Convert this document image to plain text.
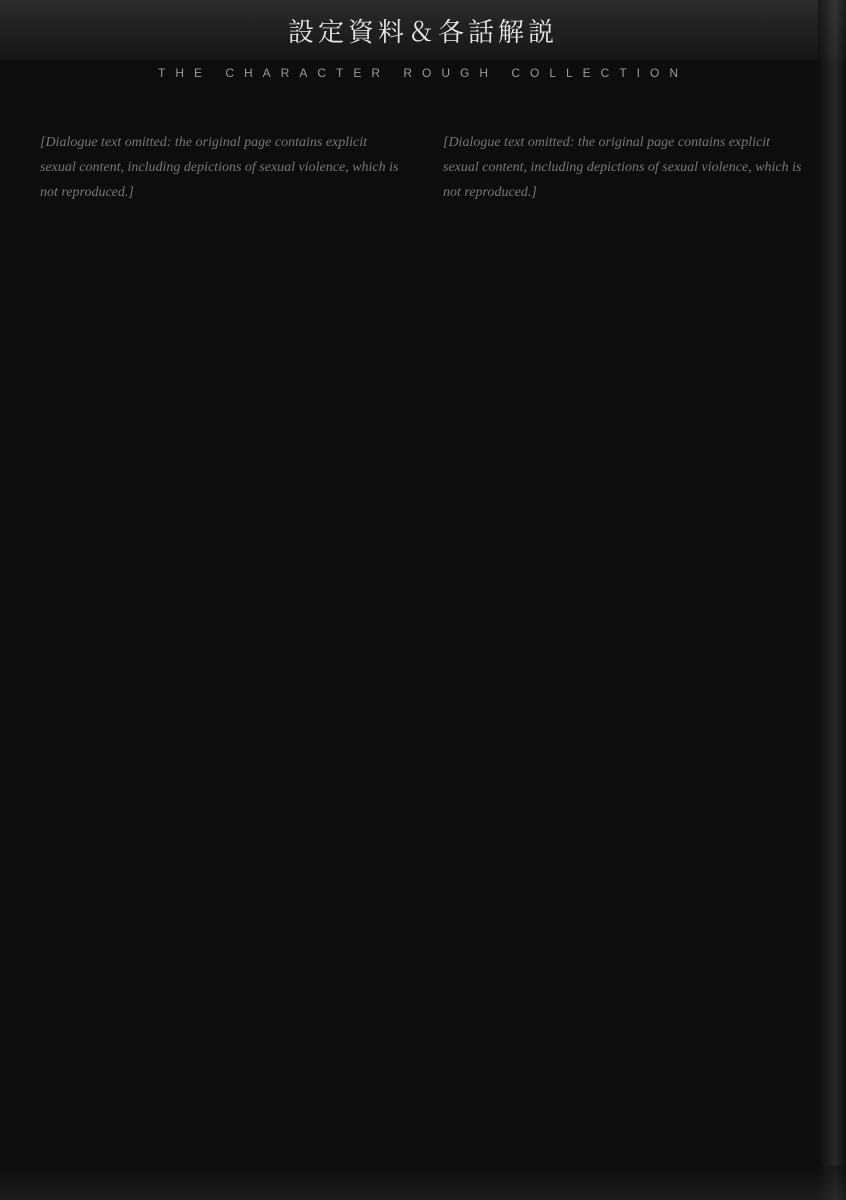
設定資料＆各話解説
THE CHARACTER ROUGH COLLECTION
[Dialogue text omitted: the original page contains explicit sexual content, including depictions of sexual violence, which is not reproduced.]
[Dialogue text omitted: the original page contains explicit sexual content, including depictions of sexual violence, which is not reproduced.]
